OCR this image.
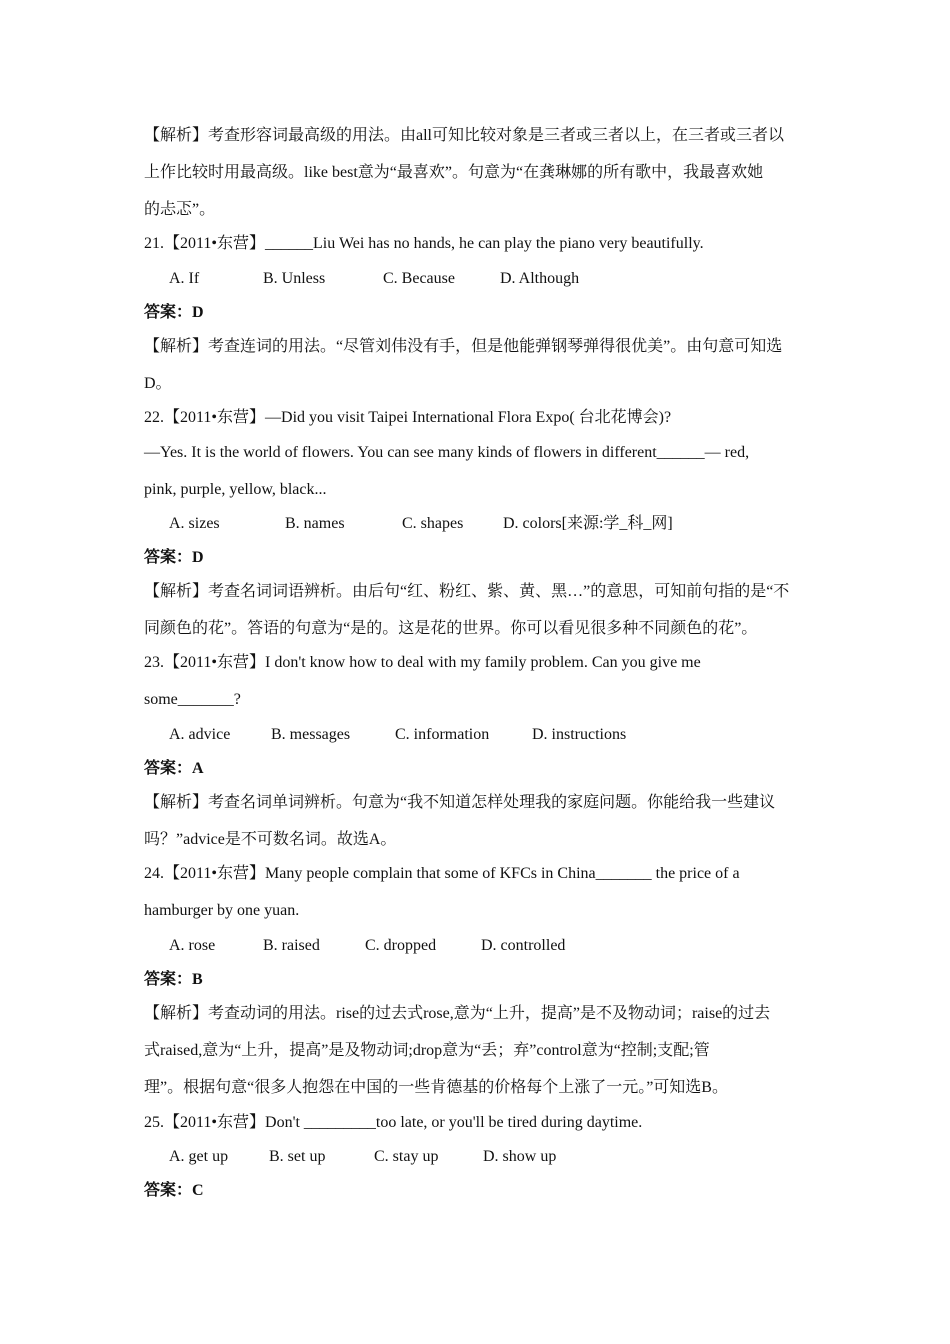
【解析】考查形容词最高级的用法。由all可知比较对象是三者或三者以上，在三者或三者以
上作比较时用最高级。like best意为“最喜欢”。句意为“在龚琳娜的所有歌中，我最喜欢她
的忐忑”。
21.【2011•东营】______Liu Wei has no hands, he can play the piano very beautifully.
A. If	B. Unless	C. Because	D. Although
答案：D
【解析】考查连词的用法。“尽管刘伟没有手，但是他能弹钢琴弹得很优美”。由句意可知选
D。
22.【2011•东营】—Did you visit Taipei International Flora Expo( 台北花博会)?
—Yes. It is the world of flowers. You can see many kinds of flowers in different______— red,
pink, purple, yellow, black...
A. sizes	B. names	C. shapes D. colors[来源:学_科_网]
答案：D
【解析】考查名词词语辨析。由后句“红、粉红、紫、黄、黑…”的意思，可知前句指的是“不
同颜色的花”。答语的句意为“是的。这是花的世界。你可以看见很多种不同颜色的花”。
23.【2011•东营】I don't know how to deal with my family problem. Can you give me
some_______?
A. advice	B. messages	C. information	D. instructions
答案：A
【解析】考查名词单词辨析。句意为“我不知道怎样处理我的家庭问题。你能给我一些建议
吗？”advice是不可数名词。故选A。
24.【2011•东营】Many people complain that some of KFCs in China_______ the price of a
hamburger by one yuan.
A. rose	B. raised	C. dropped	D. controlled
答案：B
【解析】考查动词的用法。rise的过去式rose,意为“上升，提高”是不及物动词；raise的过去
式raised,意为“上升，提高”是及物动词;drop意为“丢；弃”control意为“控制;支配;管
理”。根据句意“很多人抱怨在中国的一些肯德基的价格每个上涨了一元。”可知选B。
25.【2011•东营】Don't _________too late, or you'll be tired during daytime.
A. get up	B. set up	C. stay up	D. show up
答案：C
